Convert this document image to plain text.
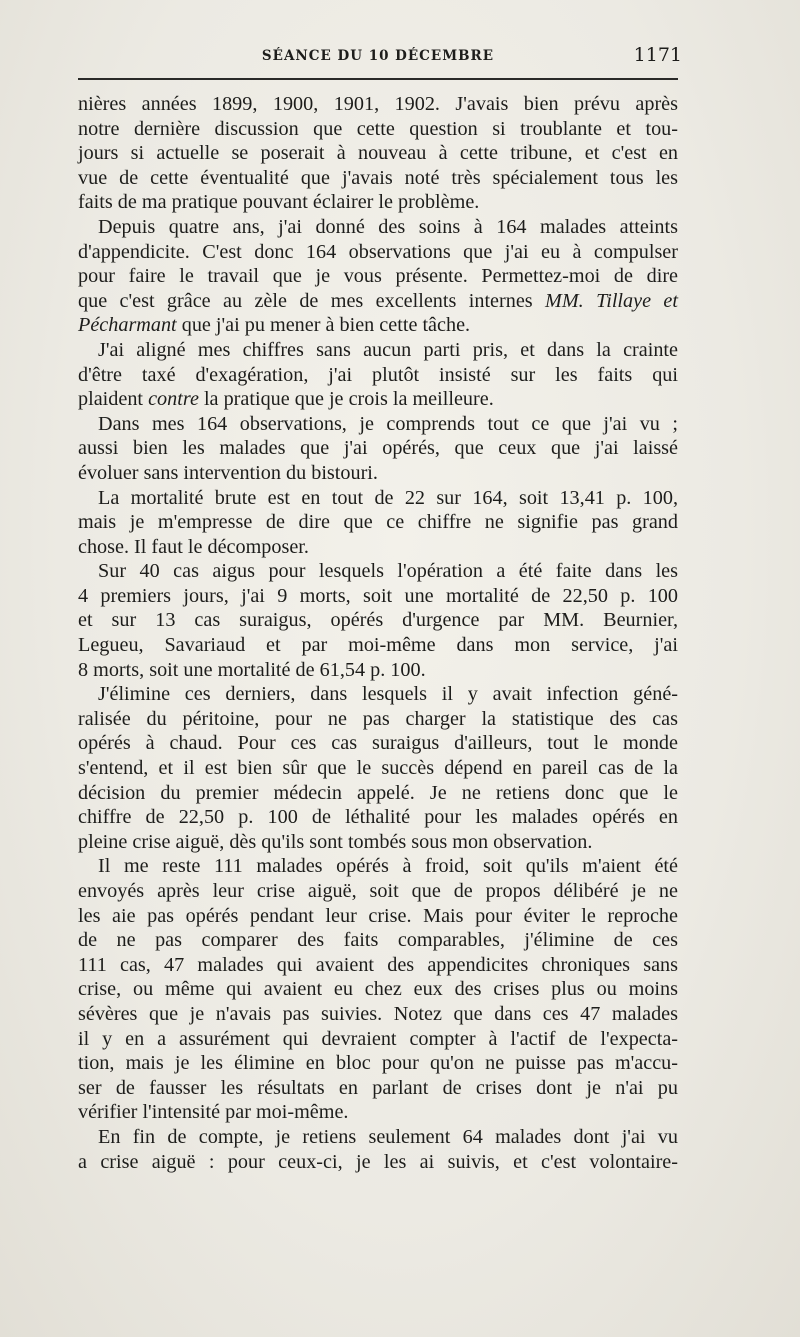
SÉANCE DU 10 DÉCEMBRE	1171
nières années 1899, 1900, 1901, 1902. J'avais bien prévu après
notre dernière discussion que cette question si troublante et tou-
jours si actuelle se poserait à nouveau à cette tribune, et c'est en
vue de cette éventualité que j'avais noté très spécialement tous les
faits de ma pratique pouvant éclairer le problème.
Depuis quatre ans, j'ai donné des soins à 164 malades atteints
d'appendicite. C'est donc 164 observations que j'ai eu à compulser
pour faire le travail que je vous présente. Permettez-moi de dire
que c'est grâce au zèle de mes excellents internes MM. Tillaye et
Pécharmant que j'ai pu mener à bien cette tâche.
J'ai aligné mes chiffres sans aucun parti pris, et dans la crainte
d'être taxé d'exagération, j'ai plutôt insisté sur les faits qui
plaident contre la pratique que je crois la meilleure.
Dans mes 164 observations, je comprends tout ce que j'ai vu ;
aussi bien les malades que j'ai opérés, que ceux que j'ai laissé
évoluer sans intervention du bistouri.
La mortalité brute est en tout de 22 sur 164, soit 13,41 p. 100,
mais je m'empresse de dire que ce chiffre ne signifie pas grand
chose. Il faut le décomposer.
Sur 40 cas aigus pour lesquels l'opération a été faite dans les
4 premiers jours, j'ai 9 morts, soit une mortalité de 22,50 p. 100
et sur 13 cas suraigus, opérés d'urgence par MM. Beurnier,
Legueu, Savariaud et par moi-même dans mon service, j'ai
8 morts, soit une mortalité de 61,54 p. 100.
J'élimine ces derniers, dans lesquels il y avait infection géné-
ralisée du péritoine, pour ne pas charger la statistique des cas
opérés à chaud. Pour ces cas suraigus d'ailleurs, tout le monde
s'entend, et il est bien sûr que le succès dépend en pareil cas de la
décision du premier médecin appelé. Je ne retiens donc que le
chiffre de 22,50 p. 100 de léthalité pour les malades opérés en
pleine crise aiguë, dès qu'ils sont tombés sous mon observation.
Il me reste 111 malades opérés à froid, soit qu'ils m'aient été
envoyés après leur crise aiguë, soit que de propos délibéré je ne
les aie pas opérés pendant leur crise. Mais pour éviter le reproche
de ne pas comparer des faits comparables, j'élimine de ces
111 cas, 47 malades qui avaient des appendicites chroniques sans
crise, ou même qui avaient eu chez eux des crises plus ou moins
sévères que je n'avais pas suivies. Notez que dans ces 47 malades
il y en a assurément qui devraient compter à l'actif de l'expecta-
tion, mais je les élimine en bloc pour qu'on ne puisse pas m'accu-
ser de fausser les résultats en parlant de crises dont je n'ai pu
vérifier l'intensité par moi-même.
En fin de compte, je retiens seulement 64 malades dont j'ai vu
a crise aiguë : pour ceux-ci, je les ai suivis, et c'est volontaire-
